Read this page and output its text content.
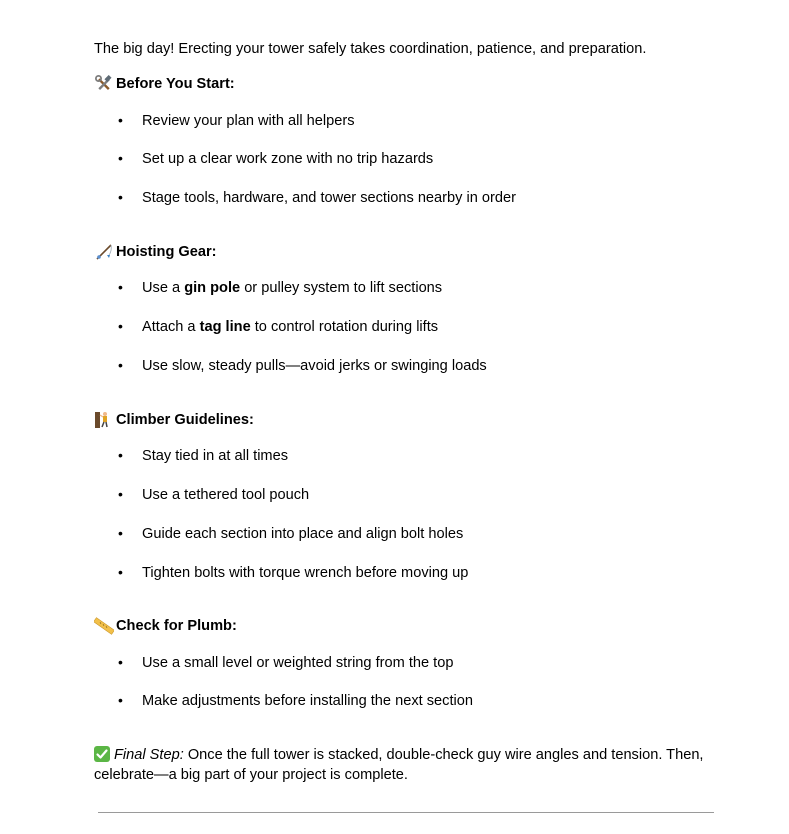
The big day! Erecting your tower safely takes coordination, patience, and preparation.
Before You Start:
• Review your plan with all helpers
• Set up a clear work zone with no trip hazards
• Stage tools, hardware, and tower sections nearby in order
Hoisting Gear:
• Use a gin pole or pulley system to lift sections
• Attach a tag line to control rotation during lifts
• Use slow, steady pulls—avoid jerks or swinging loads
Climber Guidelines:
• Stay tied in at all times
• Use a tethered tool pouch
• Guide each section into place and align bolt holes
• Tighten bolts with torque wrench before moving up
Check for Plumb:
• Use a small level or weighted string from the top
• Make adjustments before installing the next section
Final Step: Once the full tower is stacked, double-check guy wire angles and tension. Then, celebrate—a big part of your project is complete.
